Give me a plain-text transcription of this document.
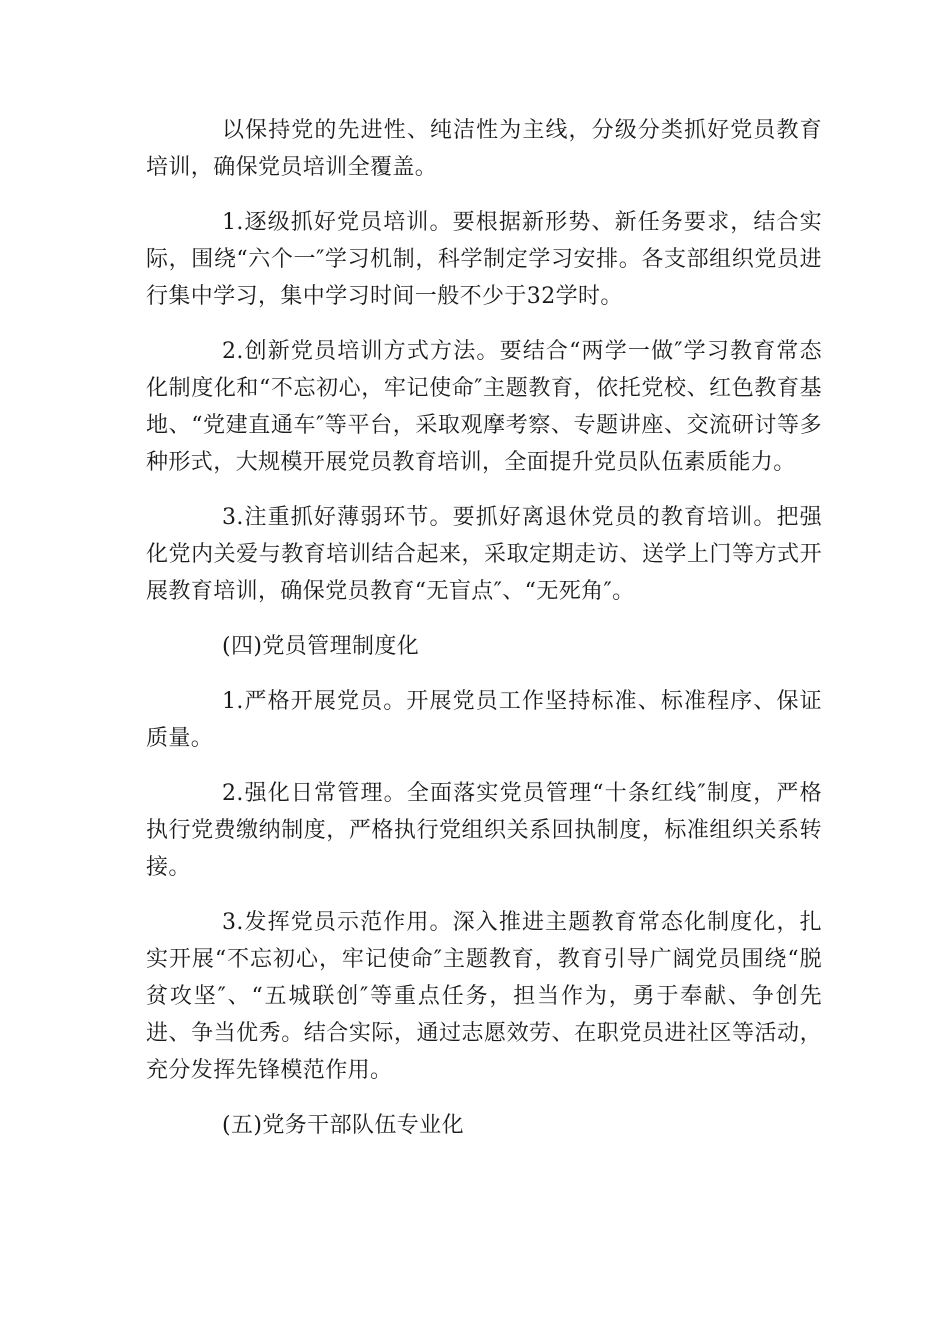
以保持党的先进性、纯洁性为主线，分级分类抓好党员教育培训，确保党员培训全覆盖。

1.逐级抓好党员培训。要根据新形势、新任务要求，结合实际，围绕“六个一″学习机制，科学制定学习安排。各支部组织党员进行集中学习，集中学习时间一般不少于32学时。

2.创新党员培训方式方法。要结合“两学一做″学习教育常态化制度化和“不忘初心，牢记使命″主题教育，依托党校、红色教育基地、“党建直通车″等平台，采取观摩考察、专题讲座、交流研讨等多种形式，大规模开展党员教育培训，全面提升党员队伍素质能力。

3.注重抓好薄弱环节。要抓好离退休党员的教育培训。把强化党内关爱与教育培训结合起来，采取定期走访、送学上门等方式开展教育培训，确保党员教育“无盲点″、“无死角″。

(四)党员管理制度化

1.严格开展党员。开展党员工作坚持标准、标准程序、保证质量。

2.强化日常管理。全面落实党员管理“十条红线″制度，严格执行党费缴纳制度，严格执行党组织关系回执制度，标准组织关系转接。

3.发挥党员示范作用。深入推进主题教育常态化制度化，扎实开展“不忘初心，牢记使命″主题教育，教育引导广阔党员围绕“脱贫攻坚″、“五城联创″等重点任务，担当作为，勇于奉献、争创先进、争当优秀。结合实际，通过志愿效劳、在职党员进社区等活动，充分发挥先锋模范作用。

(五)党务干部队伍专业化
